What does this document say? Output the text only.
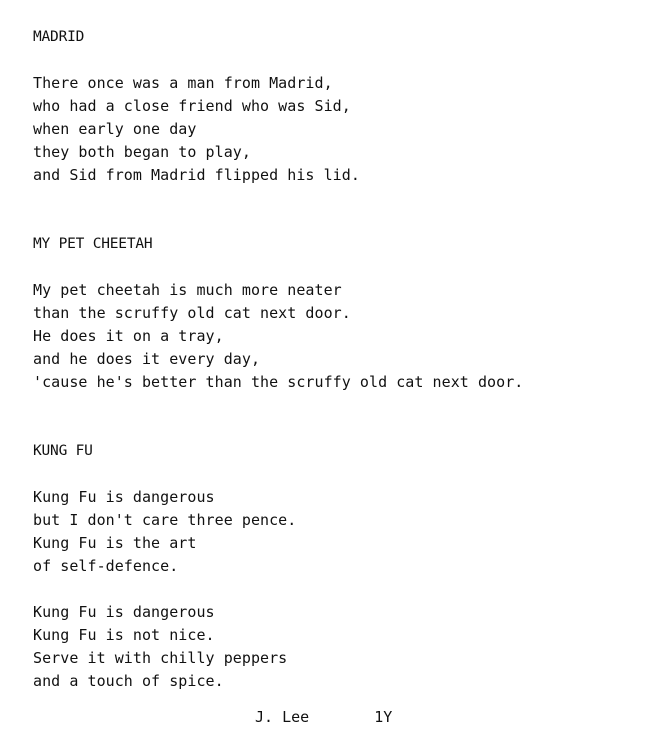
MADRID
There once was a man from Madrid,
who had a close friend who was Sid,
when early one day
they both began to play,
and Sid from Madrid flipped his lid.
MY PET CHEETAH
My pet cheetah is much more neater
than the scruffy old cat next door.
He does it on a tray,
and he does it every day,
'cause he's better than the scruffy old cat next door.
KUNG FU
Kung Fu is dangerous
but I don't care three pence.
Kung Fu is the art
of self-defence.
Kung Fu is dangerous
Kung Fu is not nice.
Serve it with chilly peppers
and a touch of spice.
J. Lee	1Y
